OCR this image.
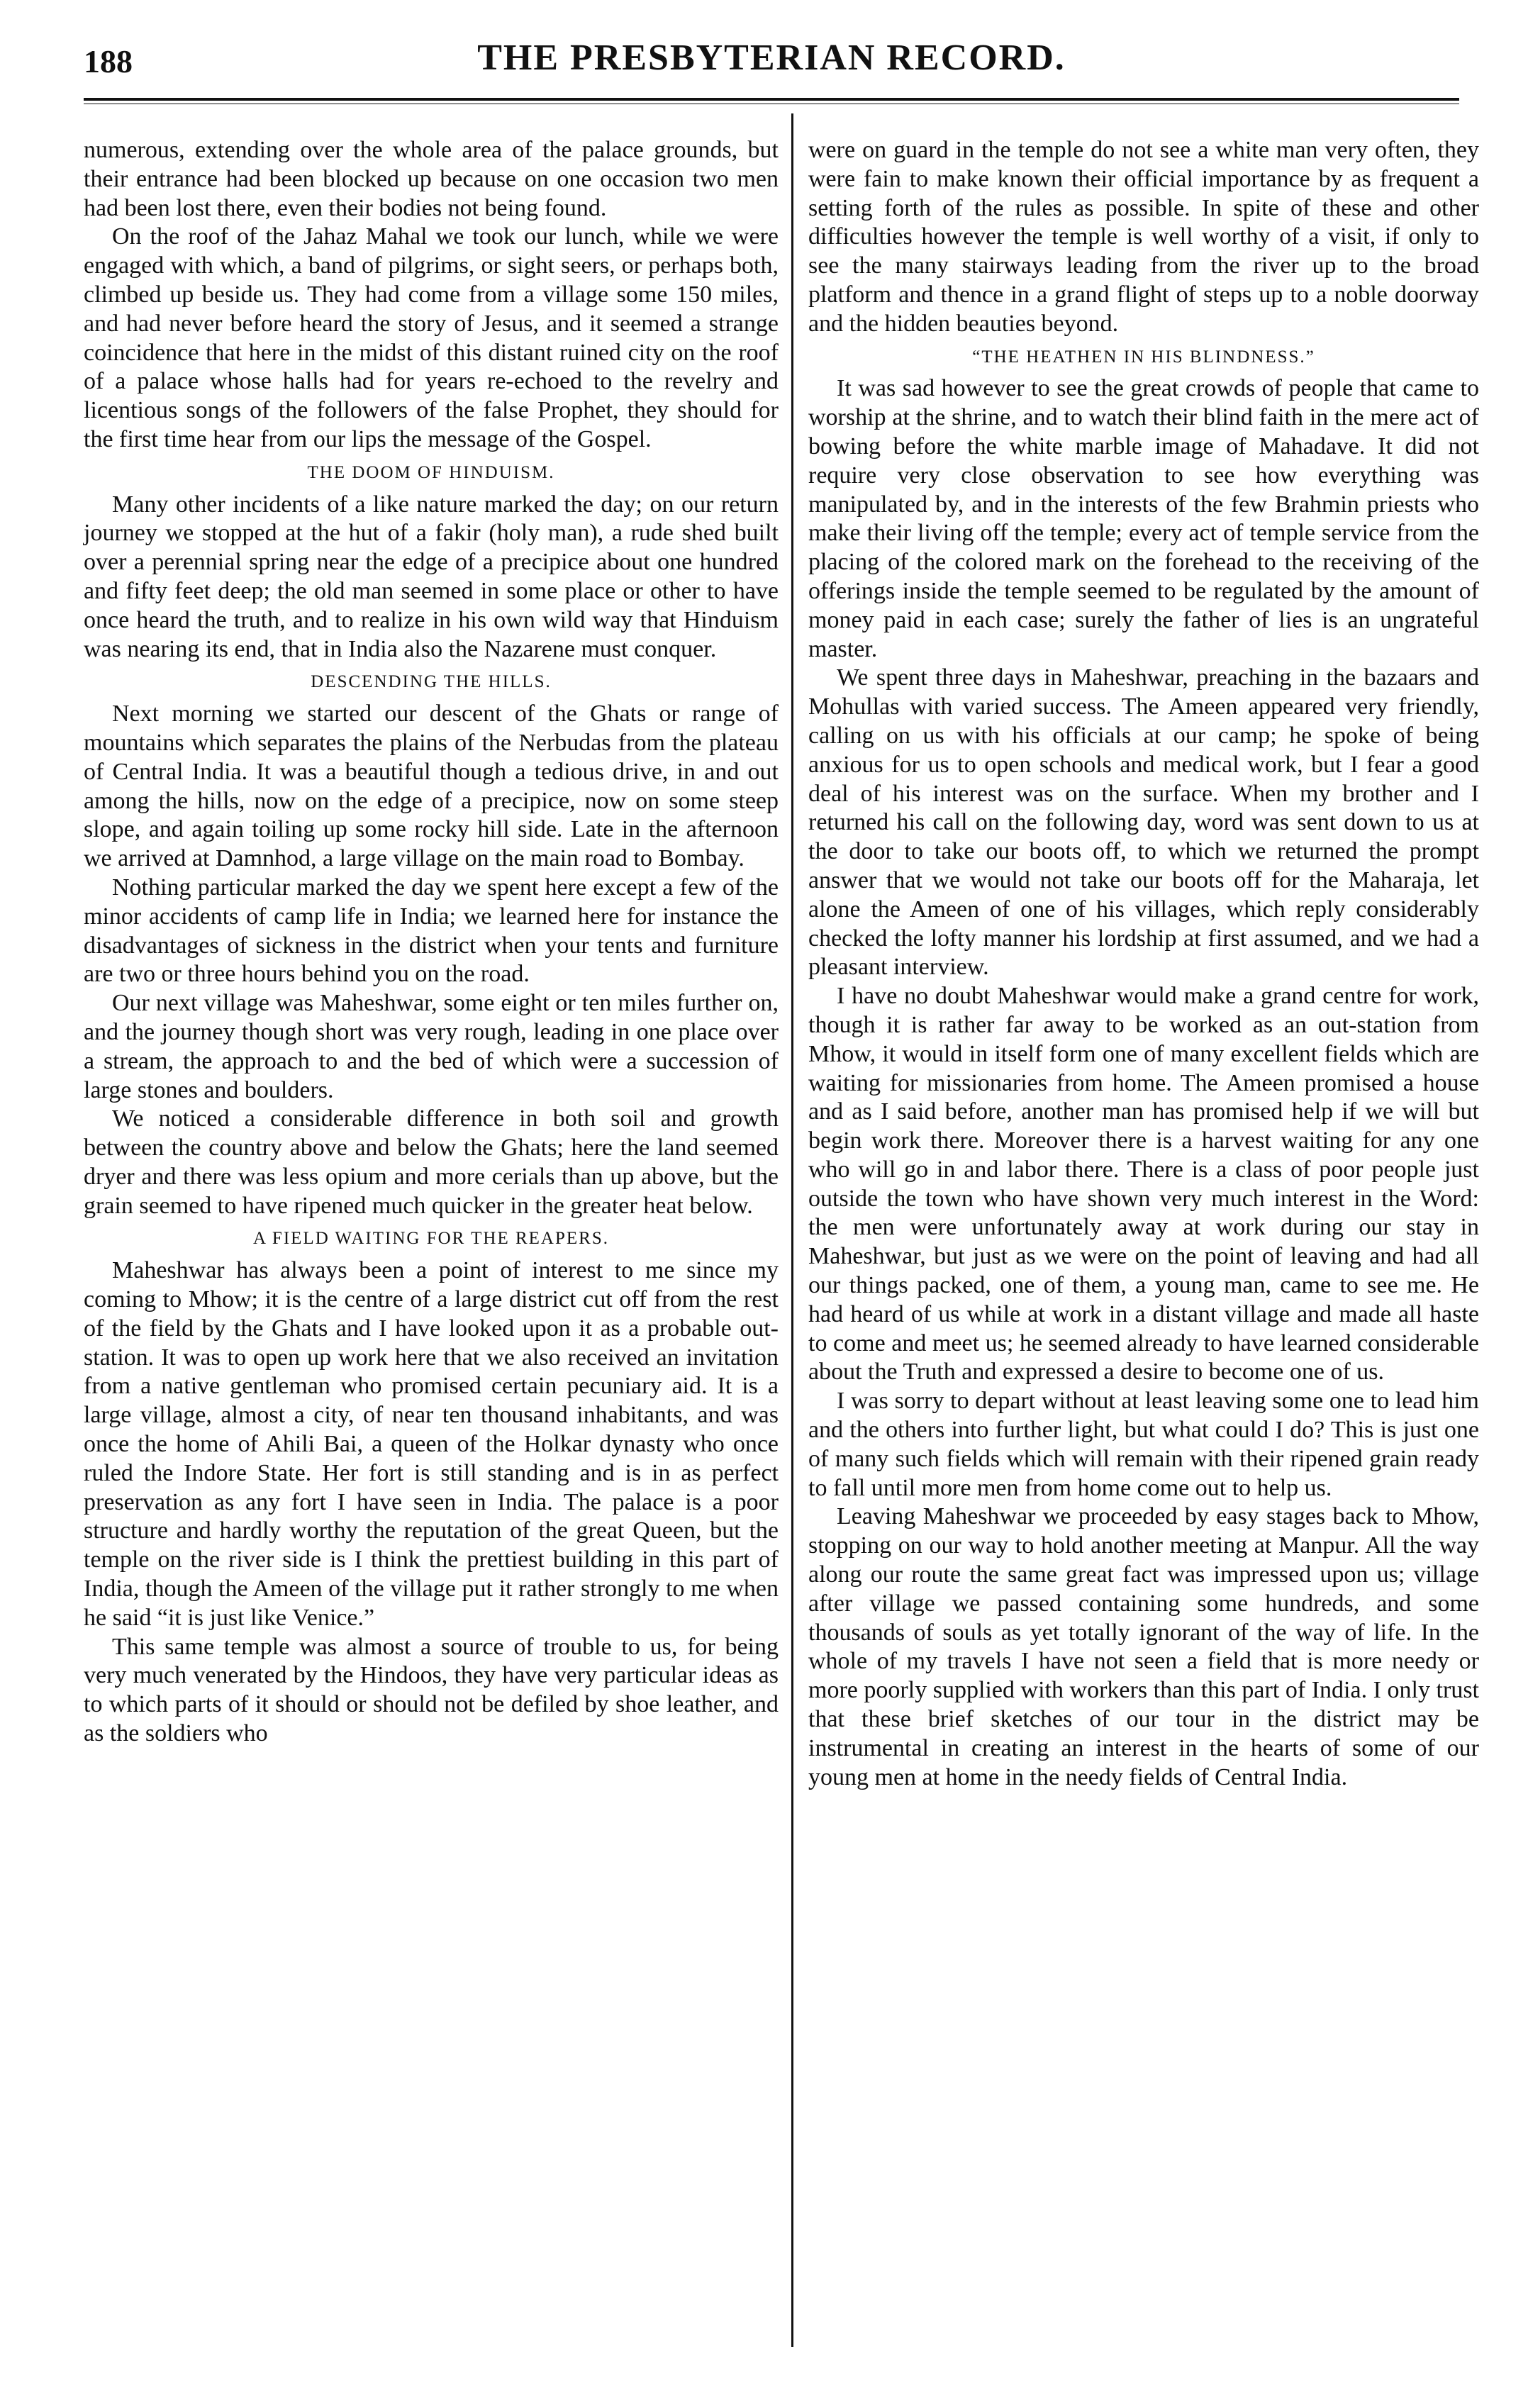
188	THE PRESBYTERIAN RECORD.

numerous, extending over the whole area of the palace grounds, but their entrance had been blocked up because on one occasion two men had been lost there, even their bodies not being found.

On the roof of the Jahaz Mahal we took our lunch, while we were engaged with which, a band of pilgrims, or sight seers, or perhaps both, climbed up beside us. They had come from a village some 150 miles, and had never before heard the story of Jesus, and it seemed a strange coincidence that here in the midst of this distant ruined city on the roof of a palace whose halls had for years re-echoed to the revelry and licentious songs of the followers of the false Prophet, they should for the first time hear from our lips the message of the Gospel.

THE DOOM OF HINDUISM.

Many other incidents of a like nature marked the day; on our return journey we stopped at the hut of a fakir (holy man), a rude shed built over a perennial spring near the edge of a precipice about one hundred and fifty feet deep; the old man seemed in some place or other to have once heard the truth, and to realize in his own wild way that Hinduism was nearing its end, that in India also the Nazarene must conquer.

DESCENDING THE HILLS.

Next morning we started our descent of the Ghats or range of mountains which separates the plains of the Nerbudas from the plateau of Central India. It was a beautiful though a tedious drive, in and out among the hills, now on the edge of a precipice, now on some steep slope, and again toiling up some rocky hill side. Late in the afternoon we arrived at Damnhod, a large village on the main road to Bombay.

Nothing particular marked the day we spent here except a few of the minor accidents of camp life in India; we learned here for instance the disadvantages of sickness in the district when your tents and furniture are two or three hours behind you on the road.

Our next village was Maheshwar, some eight or ten miles further on, and the journey though short was very rough, leading in one place over a stream, the approach to and the bed of which were a succession of large stones and boulders.

We noticed a considerable difference in both soil and growth between the country above and below the Ghats; here the land seemed dryer and there was less opium and more cerials than up above, but the grain seemed to have ripened much quicker in the greater heat below.

A FIELD WAITING FOR THE REAPERS.

Maheshwar has always been a point of interest to me since my coming to Mhow; it is the centre of a large district cut off from the rest of the field by the Ghats and I have looked upon it as a probable out-station. It was to open up work here that we also received an invitation from a native gentleman who promised certain pecuniary aid. It is a large village, almost a city, of near ten thousand inhabitants, and was once the home of Ahili Bai, a queen of the Holkar dynasty who once ruled the Indore State. Her fort is still standing and is in as perfect preservation as any fort I have seen in India. The palace is a poor structure and hardly worthy the reputation of the great Queen, but the temple on the river side is I think the prettiest building in this part of India, though the Ameen of the village put it rather strongly to me when he said “it is just like Venice.”

This same temple was almost a source of trouble to us, for being very much venerated by the Hindoos, they have very particular ideas as to which parts of it should or should not be defiled by shoe leather, and as the soldiers who

were on guard in the temple do not see a white man very often, they were fain to make known their official importance by as frequent a setting forth of the rules as possible. In spite of these and other difficulties however the temple is well worthy of a visit, if only to see the many stairways leading from the river up to the broad platform and thence in a grand flight of steps up to a noble doorway and the hidden beauties beyond.

“THE HEATHEN IN HIS BLINDNESS.”

It was sad however to see the great crowds of people that came to worship at the shrine, and to watch their blind faith in the mere act of bowing before the white marble image of Mahadave. It did not require very close observation to see how everything was manipulated by, and in the interests of the few Brahmin priests who make their living off the temple; every act of temple service from the placing of the colored mark on the forehead to the receiving of the offerings inside the temple seemed to be regulated by the amount of money paid in each case; surely the father of lies is an ungrateful master.

We spent three days in Maheshwar, preaching in the bazaars and Mohullas with varied success. The Ameen appeared very friendly, calling on us with his officials at our camp; he spoke of being anxious for us to open schools and medical work, but I fear a good deal of his interest was on the surface. When my brother and I returned his call on the following day, word was sent down to us at the door to take our boots off, to which we returned the prompt answer that we would not take our boots off for the Maharaja, let alone the Ameen of one of his villages, which reply considerably checked the lofty manner his lordship at first assumed, and we had a pleasant interview.

I have no doubt Maheshwar would make a grand centre for work, though it is rather far away to be worked as an out-station from Mhow, it would in itself form one of many excellent fields which are waiting for missionaries from home. The Ameen promised a house and as I said before, another man has promised help if we will but begin work there. Moreover there is a harvest waiting for any one who will go in and labor there. There is a class of poor people just outside the town who have shown very much interest in the Word: the men were unfortunately away at work during our stay in Maheshwar, but just as we were on the point of leaving and had all our things packed, one of them, a young man, came to see me. He had heard of us while at work in a distant village and made all haste to come and meet us; he seemed already to have learned considerable about the Truth and expressed a desire to become one of us.

I was sorry to depart without at least leaving some one to lead him and the others into further light, but what could I do? This is just one of many such fields which will remain with their ripened grain ready to fall until more men from home come out to help us.

Leaving Maheshwar we proceeded by easy stages back to Mhow, stopping on our way to hold another meeting at Manpur. All the way along our route the same great fact was impressed upon us; village after village we passed containing some hundreds, and some thousands of souls as yet totally ignorant of the way of life. In the whole of my travels I have not seen a field that is more needy or more poorly supplied with workers than this part of India. I only trust that these brief sketches of our tour in the district may be instrumental in creating an interest in the hearts of some of our young men at home in the needy fields of Central India.
